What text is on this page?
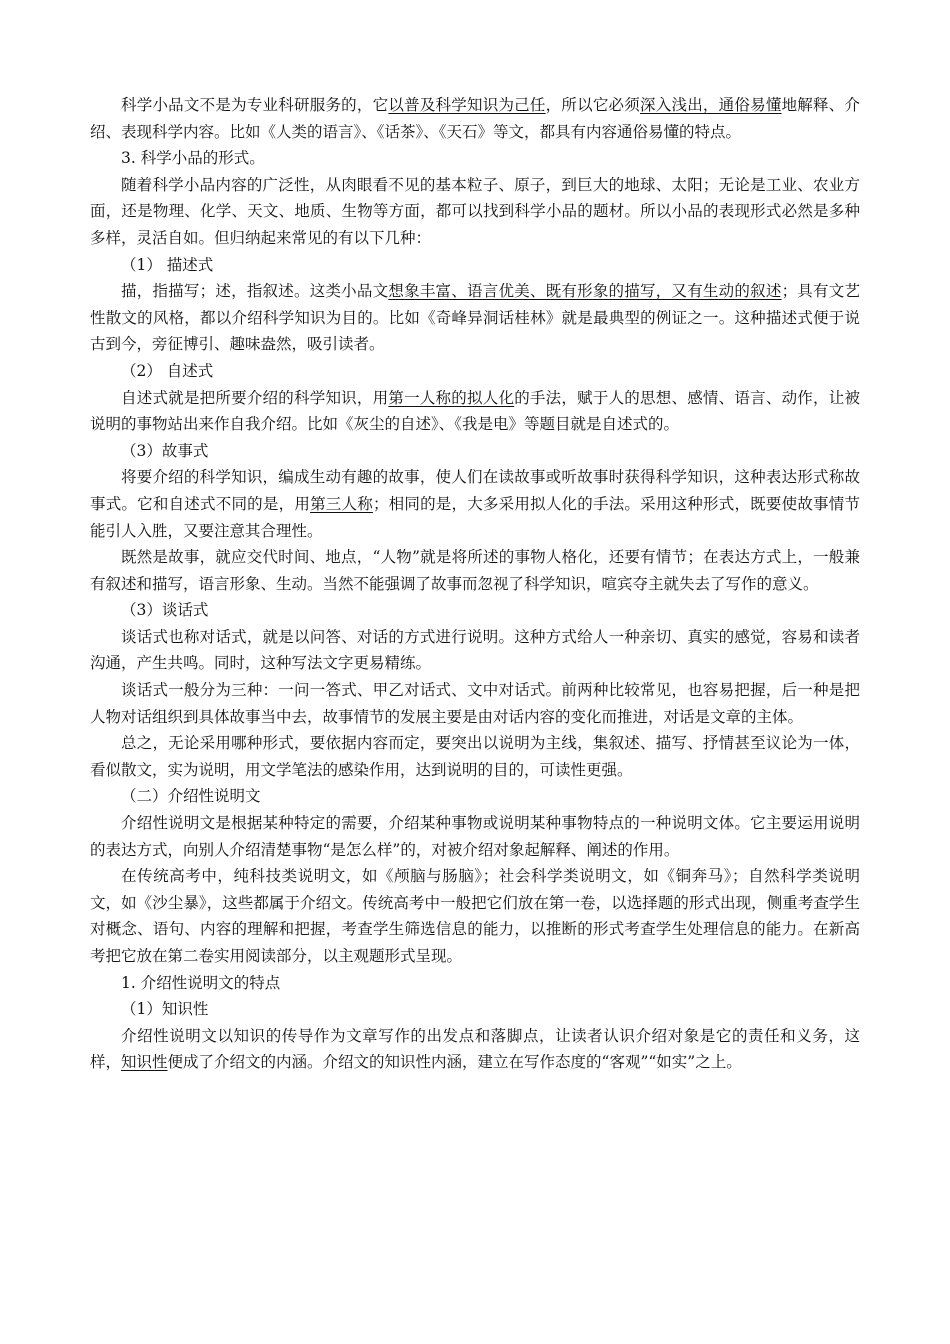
科学小品文不是为专业科研服务的，它以普及科学知识为己任，所以它必须深入浅出，通俗易懂地解释、介绍、表现科学内容。比如《人类的语言》、《话茶》、《天石》等文，都具有内容通俗易懂的特点。

3. 科学小品的形式。

随着科学小品内容的广泛性，从肉眼看不见的基本粒子、原子，到巨大的地球、太阳；无论是工业、农业方面，还是物理、化学、天文、地质、生物等方面，都可以找到科学小品的题材。所以小品的表现形式必然是多种多样，灵活自如。但归纳起来常见的有以下几种：

（1） 描述式

描，指描写；述，指叙述。这类小品文想象丰富、语言优美、既有形象的描写，又有生动的叙述；具有文艺性散文的风格，都以介绍科学知识为目的。比如《奇峰异洞话桂林》就是最典型的例证之一。这种描述式便于说古到今，旁征博引、趣味盎然，吸引读者。

（2） 自述式

自述式就是把所要介绍的科学知识，用第一人称的拟人化的手法，赋于人的思想、感情、语言、动作，让被说明的事物站出来作自我介绍。比如《灰尘的自述》、《我是电》等题目就是自述式的。

（3）故事式

将要介绍的科学知识，编成生动有趣的故事，使人们在读故事或听故事时获得科学知识，这种表达形式称故事式。它和自述式不同的是，用第三人称；相同的是，大多采用拟人化的手法。采用这种形式，既要使故事情节能引人入胜，又要注意其合理性。

既然是故事，就应交代时间、地点，“人物”就是将所述的事物人格化，还要有情节；在表达方式上，一般兼有叙述和描写，语言形象、生动。当然不能强调了故事而忽视了科学知识，喧宾夺主就失去了写作的意义。

（3）谈话式

谈话式也称对话式，就是以问答、对话的方式进行说明。这种方式给人一种亲切、真实的感觉，容易和读者沟通，产生共鸣。同时，这种写法文字更易精练。

谈话式一般分为三种：一问一答式、甲乙对话式、文中对话式。前两种比较常见，也容易把握，后一种是把人物对话组织到具体故事当中去，故事情节的发展主要是由对话内容的变化而推进，对话是文章的主体。

总之，无论采用哪种形式，要依据内容而定，要突出以说明为主线，集叙述、描写、抒情甚至议论为一体，看似散文，实为说明，用文学笔法的感染作用，达到说明的目的，可读性更强。

（二）介绍性说明文

介绍性说明文是根据某种特定的需要，介绍某种事物或说明某种事物特点的一种说明文体。它主要运用说明的表达方式，向别人介绍清楚事物“是怎么样”的，对被介绍对象起解释、阐述的作用。

在传统高考中，纯科技类说明文，如《颅脑与肠脑》；社会科学类说明文，如《铜奔马》；自然科学类说明文，如《沙尘暴》，这些都属于介绍文。传统高考中一般把它们放在第一卷，以选择题的形式出现，侧重考查学生对概念、语句、内容的理解和把握，考查学生筛选信息的能力，以推断的形式考查学生处理信息的能力。在新高考把它放在第二卷实用阅读部分，以主观题形式呈现。

1. 介绍性说明文的特点

（1）知识性

介绍性说明文以知识的传导作为文章写作的出发点和落脚点，让读者认识介绍对象是它的责任和义务，这样，知识性便成了介绍文的内涵。介绍文的知识性内涵，建立在写作态度的“客观”“如实”之上。
